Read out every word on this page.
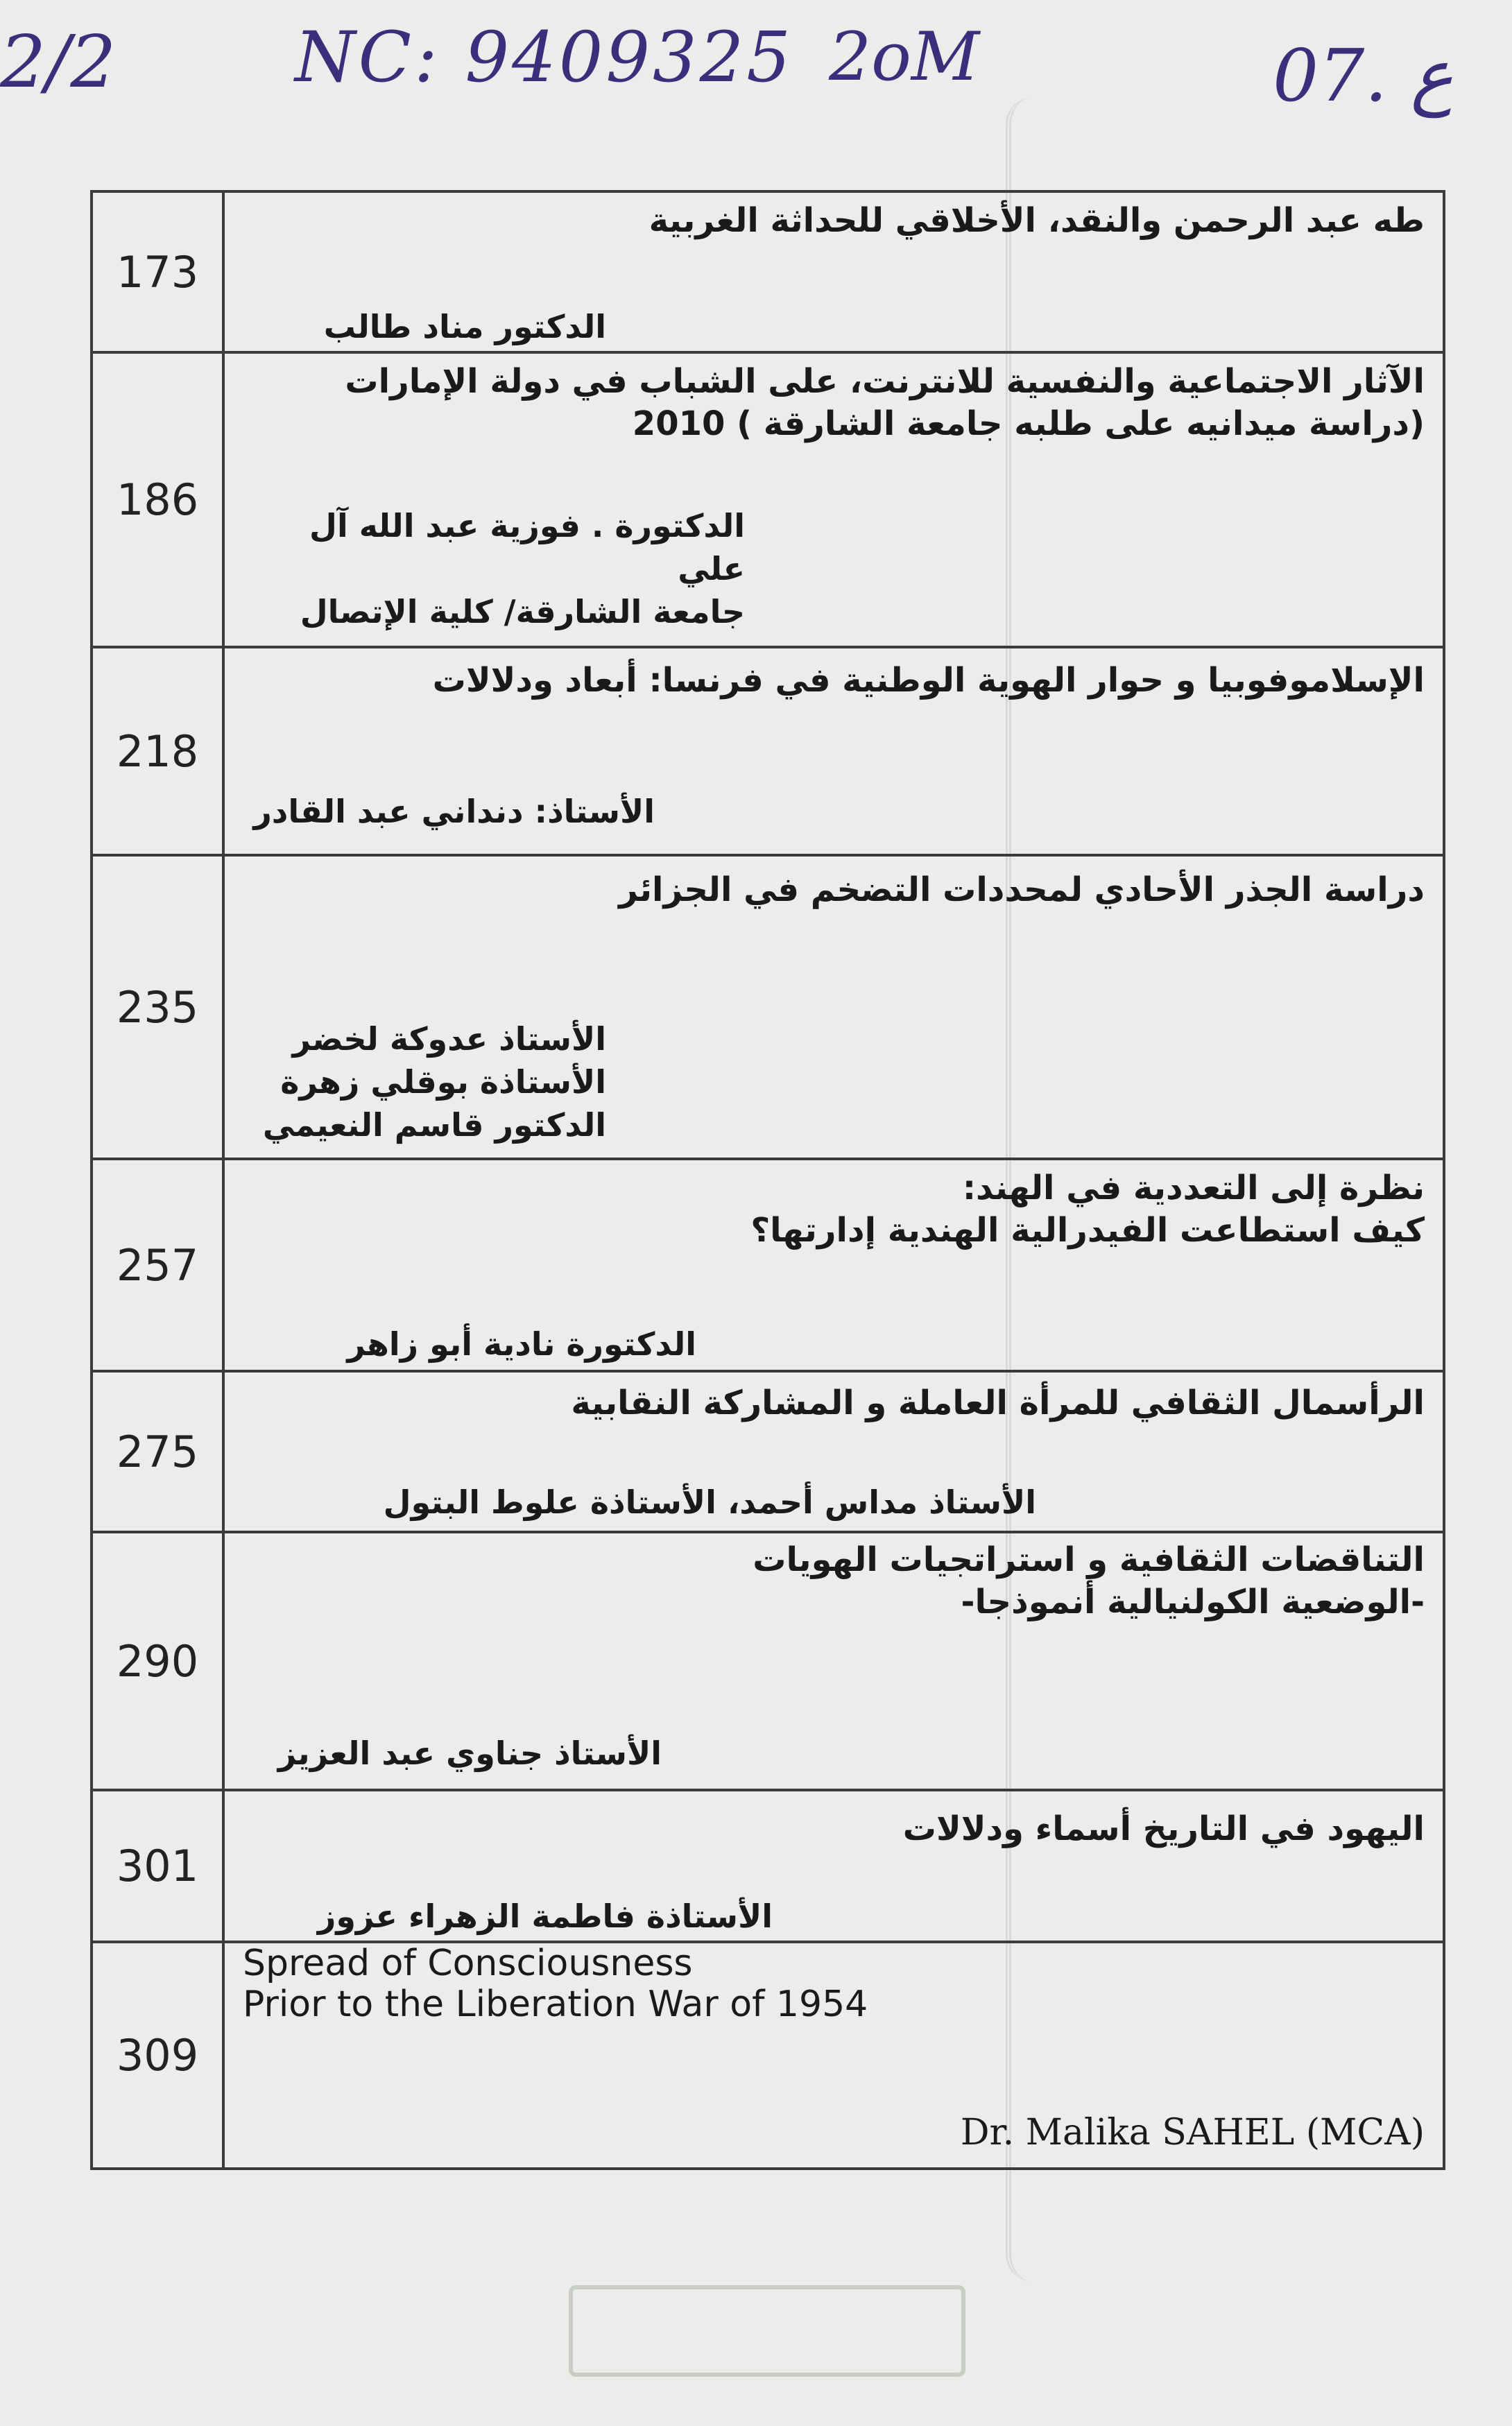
2/2	NC: 9409325 2oM	07. ع
173	طه عبد الرحمن والنقد، الأخلاقي للحداثة الغربية
الدكتور مناد طالب

186	الآثار الاجتماعية والنفسية للانترنت، على الشباب في دولة الإمارات
(دراسة ميدانيه على طلبه جامعة الشارقة ) 2010
الدكتورة . فوزية عبد الله آل علي
جامعة الشارقة/ كلية الإتصال

218	الإسلاموفوبيا و حوار الهوية الوطنية في فرنسا: أبعاد ودلالات
الأستاذ: دنداني عبد القادر

235	دراسة الجذر الأحادي لمحددات التضخم في الجزائر
الأستاذ عدوكة لخضر
الأستاذة بوقلي زهرة
الدكتور قاسم النعيمي

257	نظرة إلى التعددية في الهند:
كيف استطاعت الفيدرالية الهندية إدارتها؟
الدكتورة نادية أبو زاهر

275	الرأسمال الثقافي للمرأة العاملة و المشاركة النقابية
الأستاذ مداس أحمد، الأستاذة علوط البتول

290	التناقضات الثقافية و استراتجيات الهويات
-الوضعية الكولنيالية أنموذجا-
الأستاذ جناوي عبد العزيز

301	اليهود في التاريخ أسماء ودلالات
الأستاذة فاطمة الزهراء عزوز

309	Spread of Consciousness
Prior to the Liberation War of 1954
Dr. Malika SAHEL (MCA)
